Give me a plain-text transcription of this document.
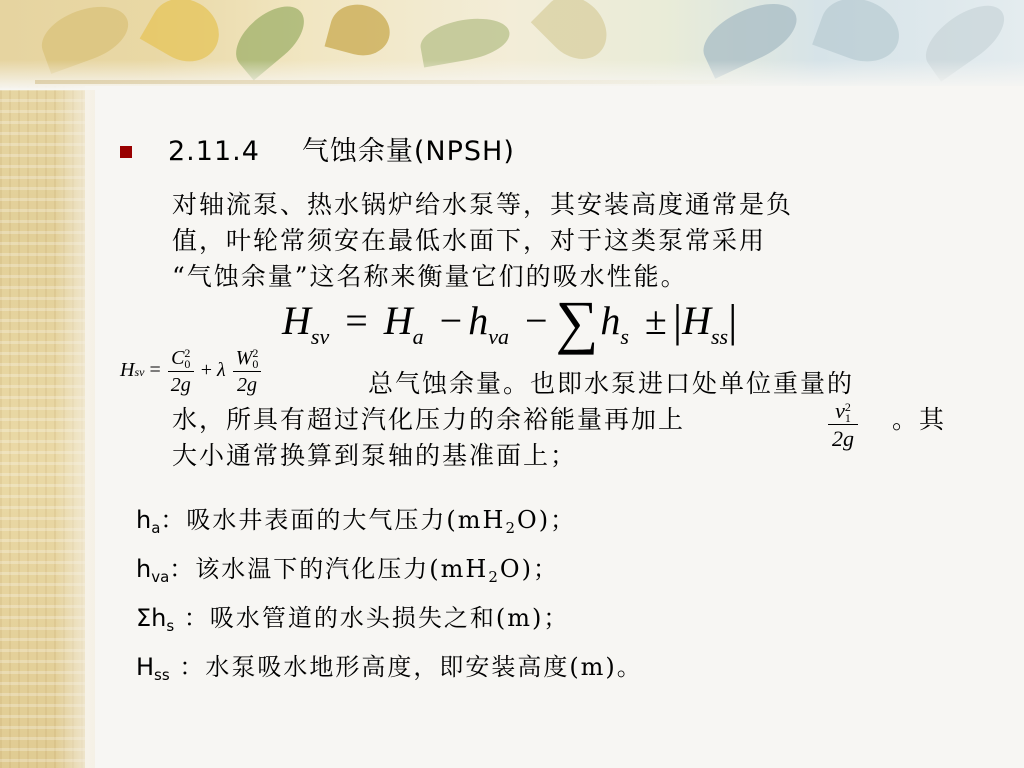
2.11.4 气蚀余量(NPSH)
对轴流泵、热水锅炉给水泵等，其安装高度通常是负
值，叶轮常须安在最低水面下，对于这类泵常采用
“气蚀余量”这名称来衡量它们的吸水性能。
$H_{sv} = H_a - h_{va} - \sum h_s \pm |H_{ss}|$
Hsv =
C2
0
2g
+ λ
W2
0
2g	总气蚀余量。也即水泵进口处单位重量的
水，所具有超过汽化压力的余裕能量再加上
大小通常换算到泵轴的基准面上；
v2
1
2g
。其
$h_a$：吸水井表面的大气压力$(mH_2O)$；
$h_{va}$：该水温下的汽化压力$(mH_2O)$；
$\Sigma h_s$ ：吸水管道的水头损失之和(m)；
$H_{ss}$ ：水泵吸水地形高度，即安装高度(m)。
